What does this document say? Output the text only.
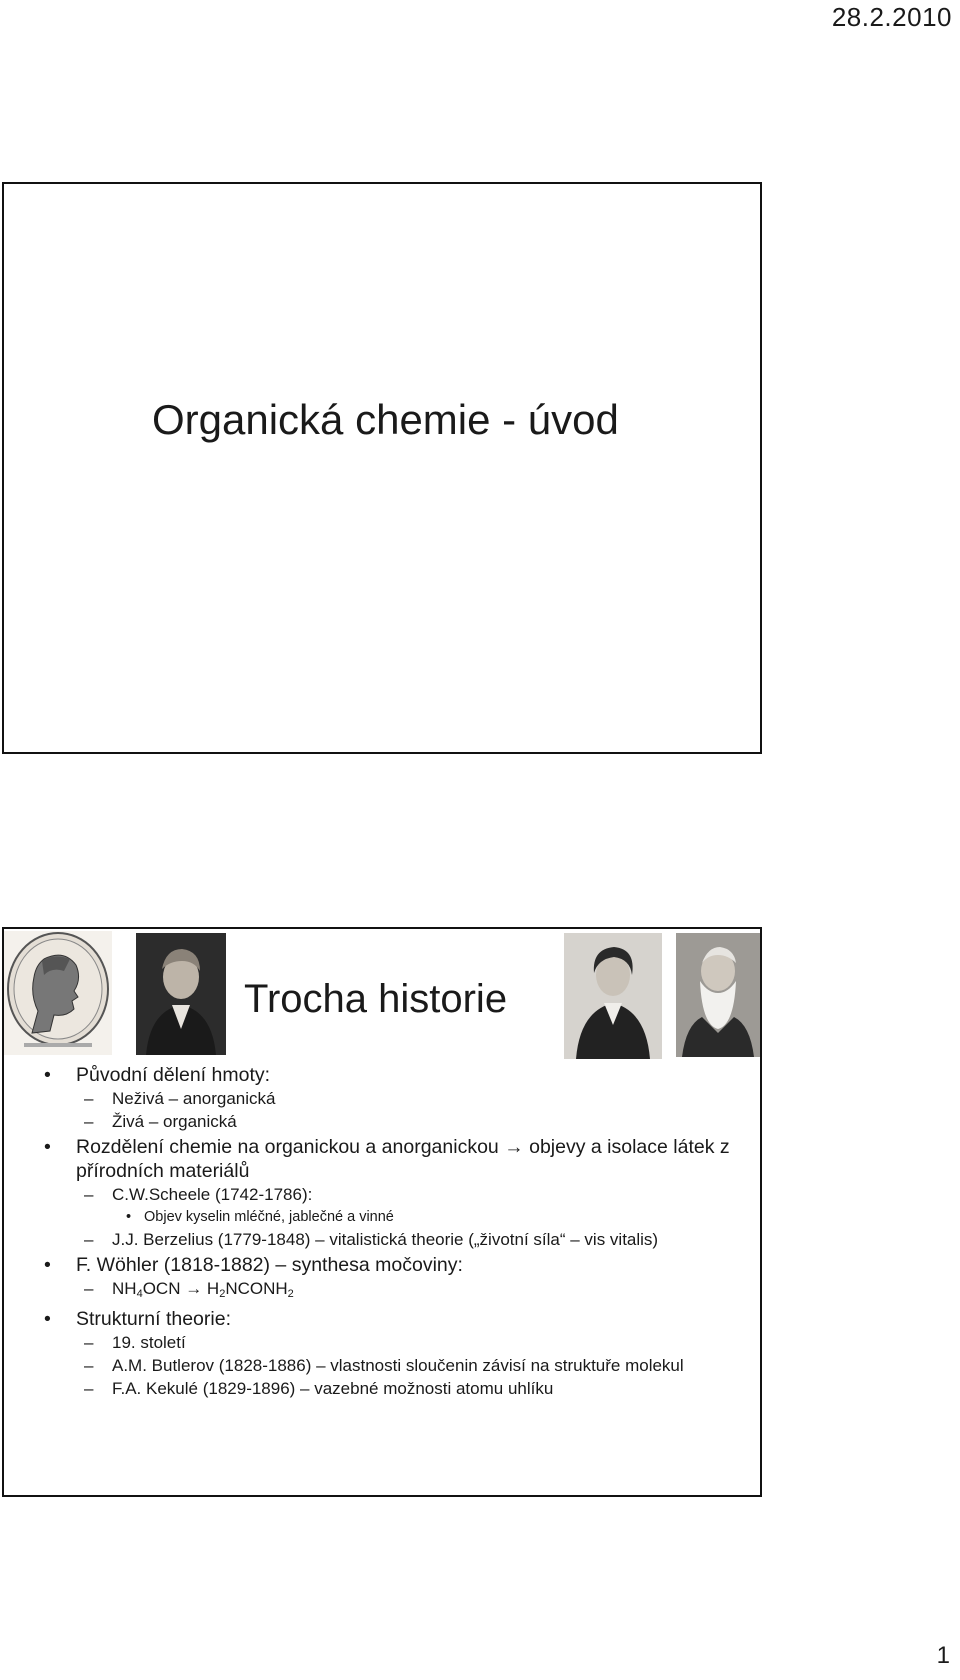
28.2.2010
Organická chemie - úvod
Trocha historie
• Původní dělení hmoty:
– Neživá – anorganická
– Živá – organická
• Rozdělení chemie na organickou a anorganickou → objevy a isolace látek z přírodních materiálů
– C.W.Scheele (1742-1786):
• Objev kyselin mléčné, jablečné a vinné
– J.J. Berzelius (1779-1848) – vitalistická theorie („životní síla“ – vis vitalis)
• F. Wöhler (1818-1882) – synthesa močoviny:
– $NH_4OCN$ → $H_2NCONH_2$
• Strukturní theorie:
– 19. století
– A.M. Butlerov (1828-1886) – vlastnosti sloučenin závisí na struktuře molekul
– F.A. Kekulé (1829-1896) – vazebné možnosti atomu uhlíku
1
